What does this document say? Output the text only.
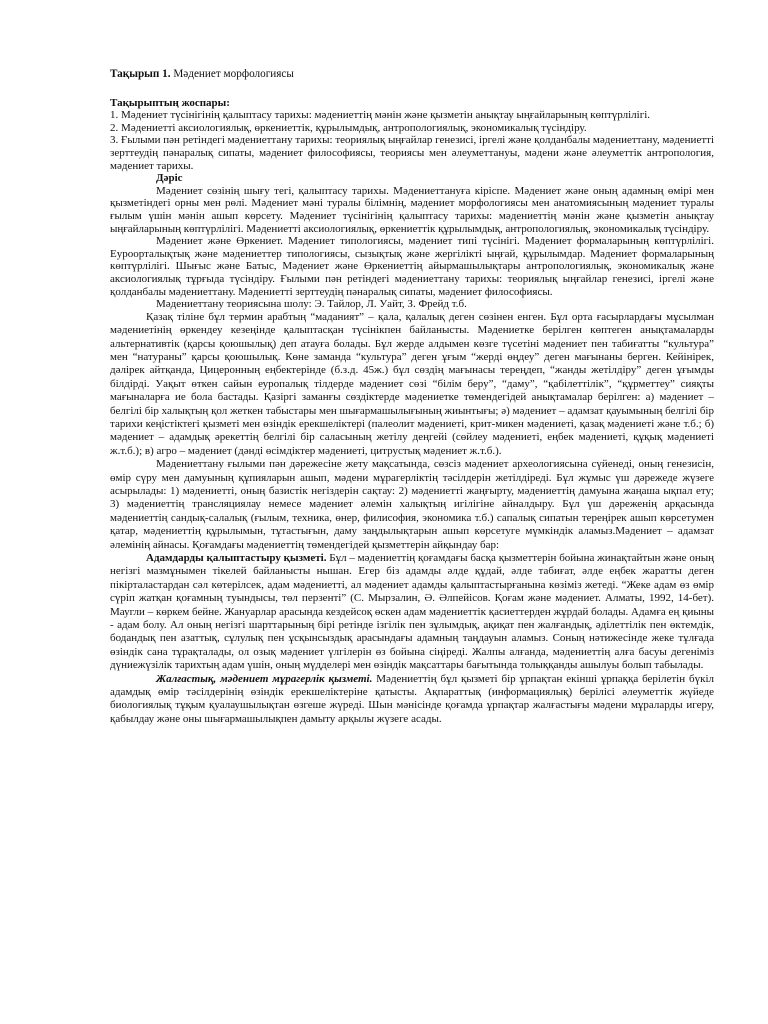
Тақырып 1. Мәдениет морфологиясы

Тақырыптың жоспары:

1. Мәдениет түсінігінің қалыптасу тарихы: мәдениеттің мәнін және қызметін анықтау ыңғайларының көптүрлілігі.

2. Мәдениетті аксиологиялық, өркениеттік, құрылымдық, антропологиялық, экономикалық түсіндіру.

3. Ғылыми пән ретіндегі мәдениеттану тарихы: теориялық ыңғайлар генезисі, іргелі және қолданбалы мәдениеттану, мәдениетті зерттеудің пәнаралық сипаты, мәдениет философиясы, теориясы мен әлеуметтануы, мәдени және әлеуметтік антропология, мәдениет тарихы.

Дәріс

Мәдениет сөзінің шығу тегі, қалыптасу тарихы. Мәдениеттануға кіріспе. Мәдениет және оның адамның өмірі мен қызметіндегі орны мен рөлі. Мәдениет мәні туралы білімнің, мәдениет морфологиясы мен анатомиясының мәдениет туралы ғылым үшін мәнін ашып көрсету. Мәдениет түсінігінің қалыптасу тарихы: мәдениеттің мәнін және қызметін анықтау ыңғайларының көптүрлілігі. Мәдениетті аксиологиялық, өркениеттік құрылымдық, антропологиялық, экономикалық түсіндіру.

Мәдениет және Өркениет. Мәдениет типологиясы, мәдениет типі түсінігі. Мәдениет формаларының көптүрлілігі. Еуроорталықтық және мәдениеттер типологиясы, сызықтық және жергілікті ыңғай, құрылымдар. Мәдениет формаларының көптүрлілігі. Шығыс және Батыс, Мәдениет және Өркениеттің айырмашылықтары антропологиялық, экономикалық және аксиологиялық тұрғыда түсіндіру. Ғылыми пән ретіндегі мәдениеттану тарихы: теориялық ыңғайлар генезисі, іргелі және қолданбалы мәдениеттану. Мәдениетті зерттеудің пәнаралық сипаты, мәдениет философиясы.

Мәдениеттану теориясына шолу: Э. Тайлор, Л. Уайт, З. Фрейд т.б.

Қазақ тіліне бұл термин арабтың “маданият” – қала, қалалық деген сөзінен енген. Бұл орта ғасырлардағы мұсылман мәдениетінің өркендеу кезеңінде қалыптасқан түсінікпен байланысты. Мәдениетке берілген көптеген анықтамаларды альтернативтік (қарсы қоюшылық) деп атауға болады. Бұл жерде алдымен көзге түсетіні мәдениет пен табиғатты “культура” мен “натураны” қарсы қоюшылық. Көне заманда “культура” деген ұғым “жерді өңдеу” деген мағынаны берген. Кейінірек, дәлірек айтқанда, Цицеронның еңбектерінде (б.з.д. 45ж.) бұл сөздің мағынасы тереңдеп, “жанды жетілдіру” деген ұғымды білдірді. Уақыт өткен сайын еуропалық тілдерде мәдениет сөзі “білім беру”, “даму”, “қабілеттілік”, “құрметтеу” сияқты мағыналарға ие бола бастады. Қазіргі заманғы сөздіктерде мәдениетке төмендегідей анықтамалар берілген: а) мәдениет – белгілі бір халықтың қол жеткен табыстары мен шығармашылығының жиынтығы; ә) мәдениет – адамзат қауымының белгілі бір тарихи кеңістіктегі қызметі мен өзіндік ерекшеліктері (палеолит мәдениеті, крит-микен мәдениеті, қазақ мәдениеті және т.б.; б) мәдениет – адамдық әрекеттің белгілі бір саласының жетілу деңгейі (сөйлеу мәдениеті, еңбек мәдениеті, құқық мәдениеті ж.т.б.); в) агро – мәдениет (дәнді өсімдіктер мәдениеті, цитрустық мәдениет ж.т.б.).

Мәдениеттану ғылыми пән дәрежесіне жету мақсатында, сөзсіз мәдениет археологиясына сүйенеді, оның генезисін, өмір сүру мен дамуының құпияларын ашып, мәдени мұрагерліктің тәсілдерін жетілдіреді. Бұл жұмыс үш дәрежеде жүзеге асырылады: 1) мәдениетті, оның базистік негіздерін сақтау: 2) мәдениетті жаңғырту, мәдениеттің дамуына жаңаша ықпал ету; 3) мәдениеттің трансляциялау немесе мәдениет әлемін халықтың игілігіне айналдыру. Бұл үш дәреженің арқасында мәдениеттің сандық-салалық (ғылым, техника, өнер, филисофия, экономика т.б.) сапалық сипатын тереңірек ашып көрсетумен қатар, мәдениеттің құрылымын, тұтастығын, даму заңдылықтарын ашып көрсетуге мүмкіндік аламыз.Мәдениет – адамзат әлемінің айнасы. Қоғамдағы мәдениеттің төмендегідей қызметтерін айқындау бар:

Адамдарды қалыптастыру қызметі. Бұл – мәдениеттің қоғамдағы басқа қызметтерін бойына жинақтайтын және оның негізгі мазмұнымен тікелей байланысты нышан. Егер біз адамды әлде құдай, әлде табиғат, әлде еңбек жаратты деген пікірталастардан сәл көтерілсек, адам мәдениетті, ал мәдениет адамды қалыптастырғанына көзіміз жетеді. “Жеке адам өз өмір сүріп жатқан қоғамның туындысы, төл перзенті” (С. Мырзалин, Ә. Әлпейісов. Қоғам және мәдениет. Алматы, 1992, 14-бет). Маугли – көркем бейне. Жануарлар арасында кездейсоқ өскен адам мәдениеттік қасиеттерден жұрдай болады. Адамға ең қиыны - адам болу. Ал оның негізгі шарттарының бірі ретінде ізгілік пен зұлымдық, ақиқат пен жалғандық, әділеттілік пен өктемдік, бодандық пен азаттық, сұлулық пен ұсқынсыздық арасындағы адамның таңдауын аламыз. Соның нәтижесінде жеке тұлғада өзіндік сана тұрақталады, ол озық мәдениет үлгілерін өз бойына сіңіреді. Жалпы алғанда, мәдениеттің алға басуы дегеніміз дүниежүзілік тарихтың адам үшін, оның мүдделері мен өзіндік мақсаттары бағытында толыққанды ашылуы болып табылады.

Жалғастық, мәдениет мұрагерлік қызметі. Мәдениеттің бұл қызметі бір ұрпақтан екінші ұрпаққа берілетін бүкіл адамдық өмір тәсілдерінің өзіндік ерекшеліктеріне қатысты. Ақпараттық (информациялық) берілісі әлеуметтік жүйеде биологиялық тұқым қуалаушылықтан өзгеше жүреді. Шын мәнісінде қоғамда ұрпақтар жалғастығы мәдени мұраларды игеру, қабылдау және оны шығармашылықпен дамыту арқылы жүзеге асады.
